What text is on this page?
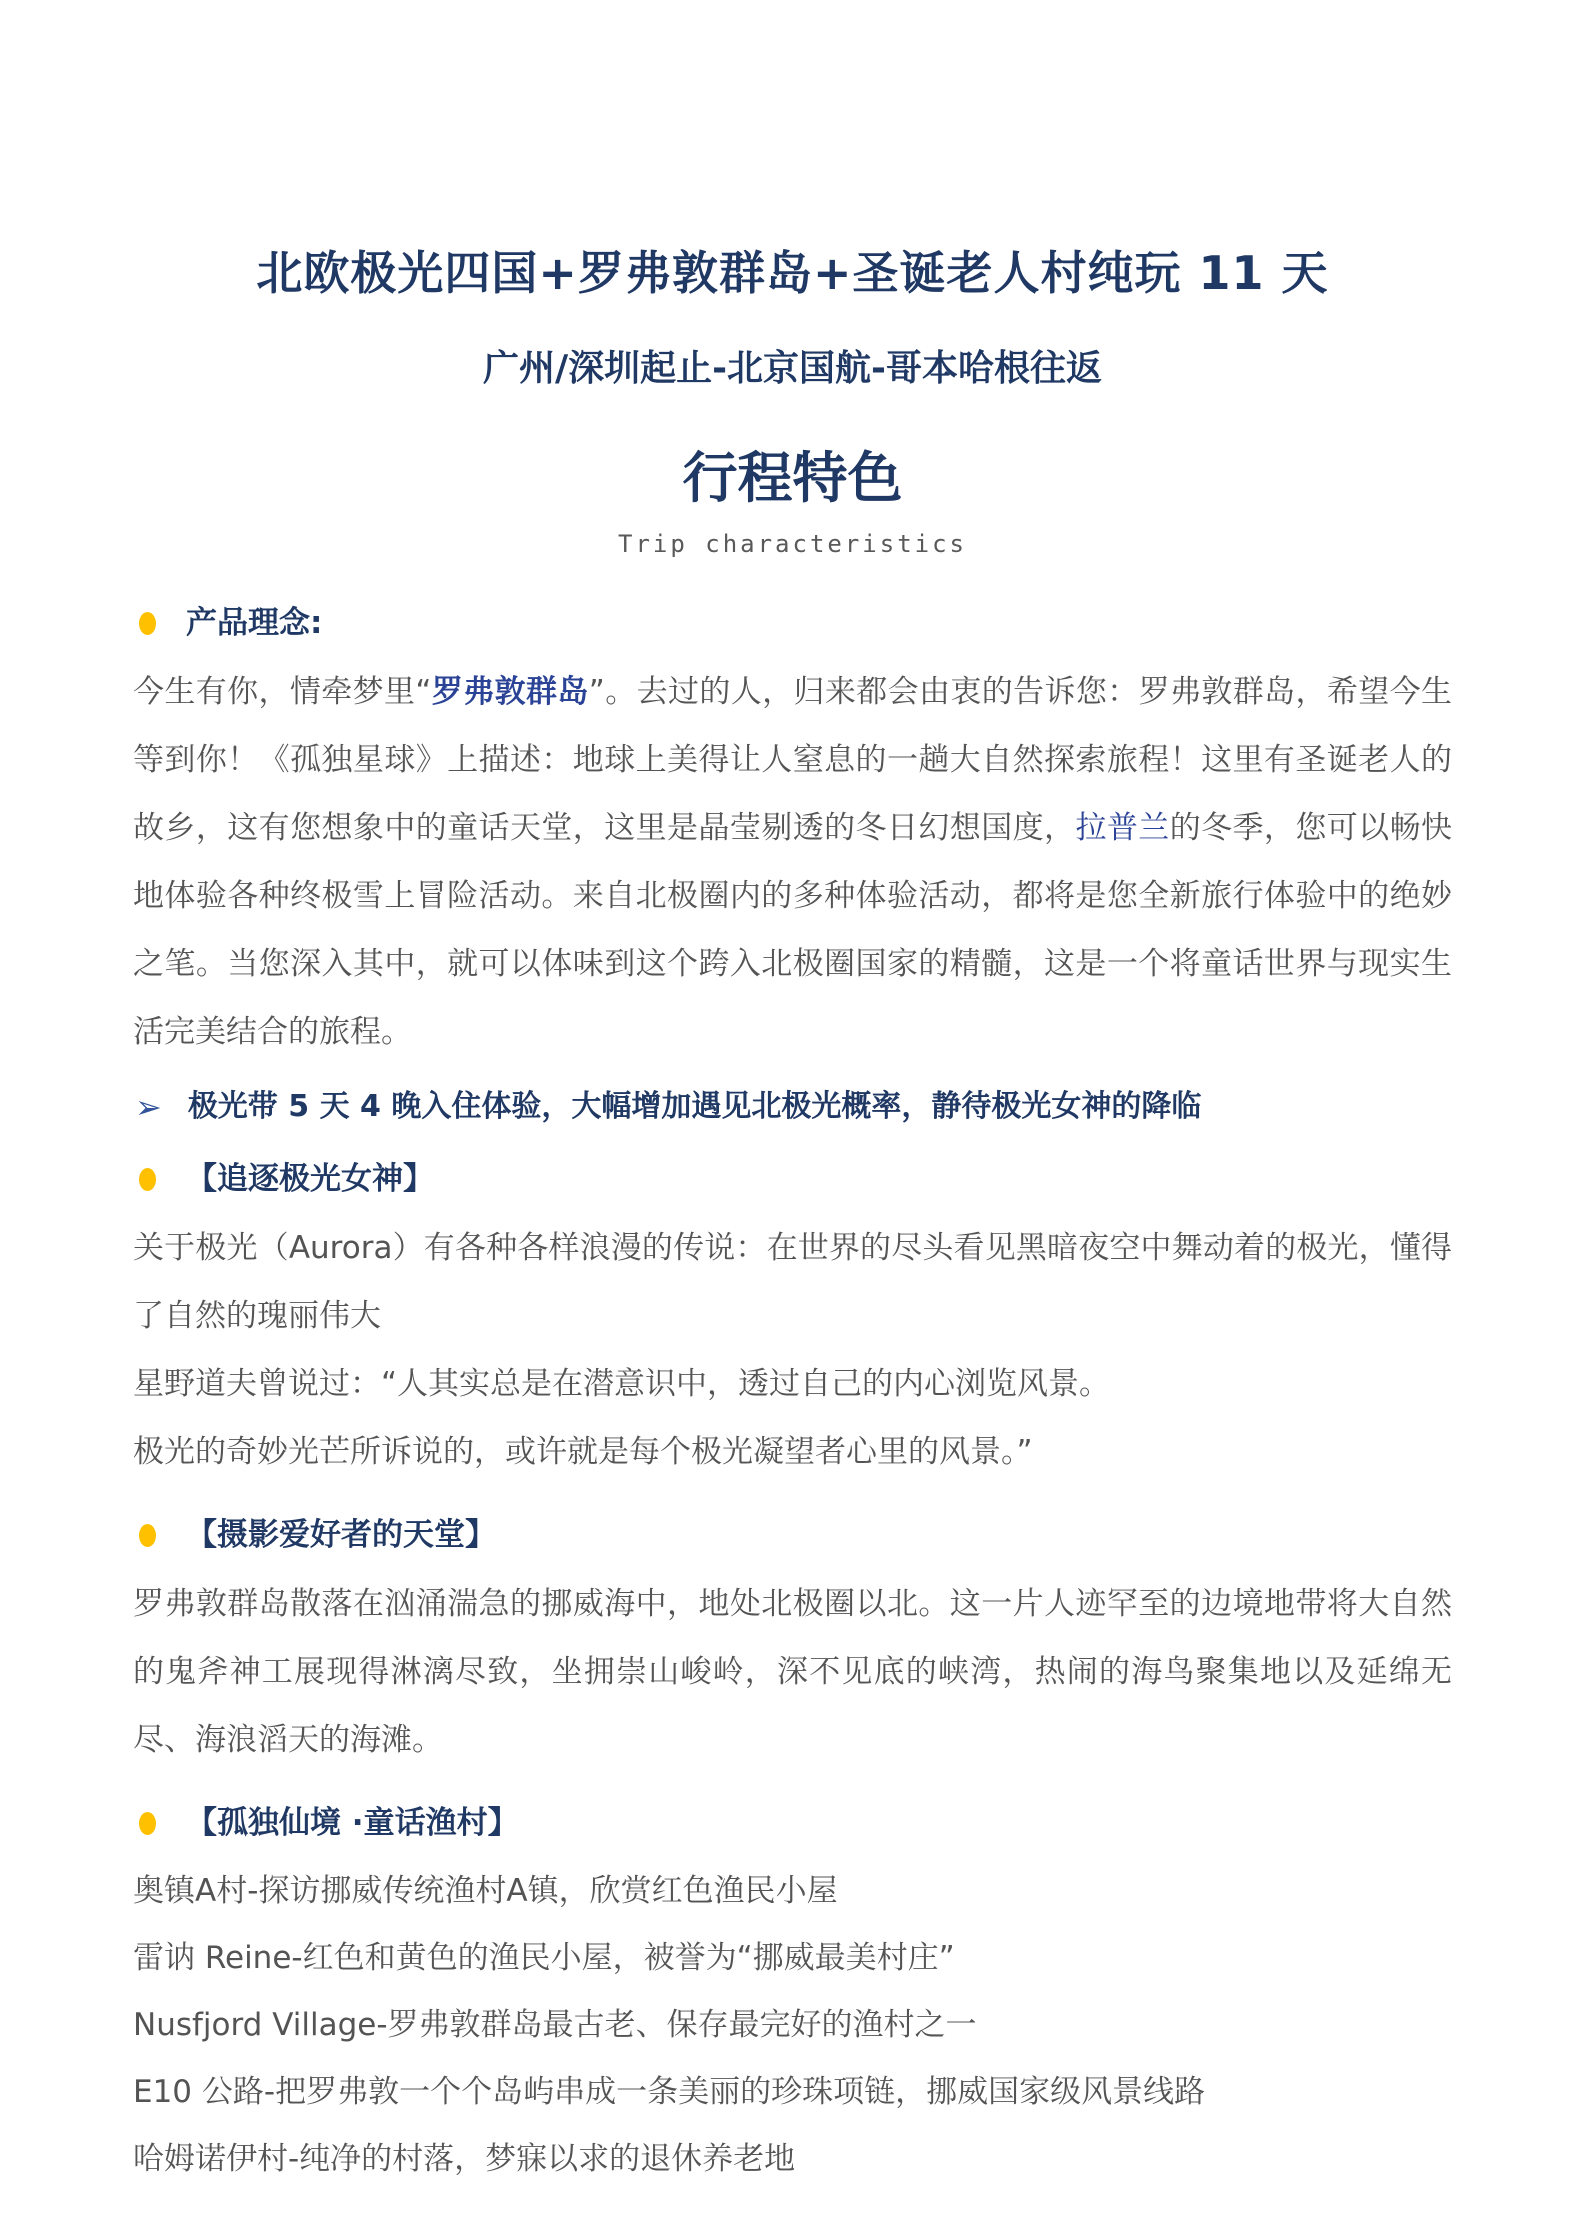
北欧极光四国+罗弗敦群岛+圣诞老人村纯玩 11 天
广州/深圳起止-北京国航-哥本哈根往返
行程特色
Trip characteristics
产品理念:

今生有你，情牵梦里“罗弗敦群岛”。去过的人，归来都会由衷的告诉您：罗弗敦群岛，希望今生等到你！《孤独星球》上描述：地球上美得让人窒息的一趟大自然探索旅程！这里有圣诞老人的故乡，这有您想象中的童话天堂，这里是晶莹剔透的冬日幻想国度，拉普兰的冬季，您可以畅快地体验各种终极雪上冒险活动。来自北极圈内的多种体验活动，都将是您全新旅行体验中的绝妙之笔。当您深入其中，就可以体味到这个跨入北极圈国家的精髓，这是一个将童话世界与现实生活完美结合的旅程。

➢ 极光带 5 天 4 晚入住体验，大幅增加遇见北极光概率，静待极光女神的降临
【追逐极光女神】

关于极光（Aurora）有各种各样浪漫的传说：在世界的尽头看见黑暗夜空中舞动着的极光，懂得了自然的瑰丽伟大

星野道夫曾说过：“人其实总是在潜意识中，透过自己的内心浏览风景。

极光的奇妙光芒所诉说的，或许就是每个极光凝望者心里的风景。”

【摄影爱好者的天堂】

罗弗敦群岛散落在汹涌湍急的挪威海中，地处北极圈以北。这一片人迹罕至的边境地带将大自然的鬼斧神工展现得淋漓尽致，坐拥崇山峻岭，深不见底的峡湾，热闹的海鸟聚集地以及延绵无尽、海浪滔天的海滩。

【孤独仙境 ·童话渔村】
奥镇A村-探访挪威传统渔村A镇，欣赏红色渔民小屋
雷讷 Reine-红色和黄色的渔民小屋，被誉为“挪威最美村庄”
Nusfjord Village-罗弗敦群岛最古老、保存最完好的渔村之一
E10 公路-把罗弗敦一个个岛屿串成一条美丽的珍珠项链，挪威国家级风景线路
哈姆诺伊村-纯净的村落，梦寐以求的退休养老地
